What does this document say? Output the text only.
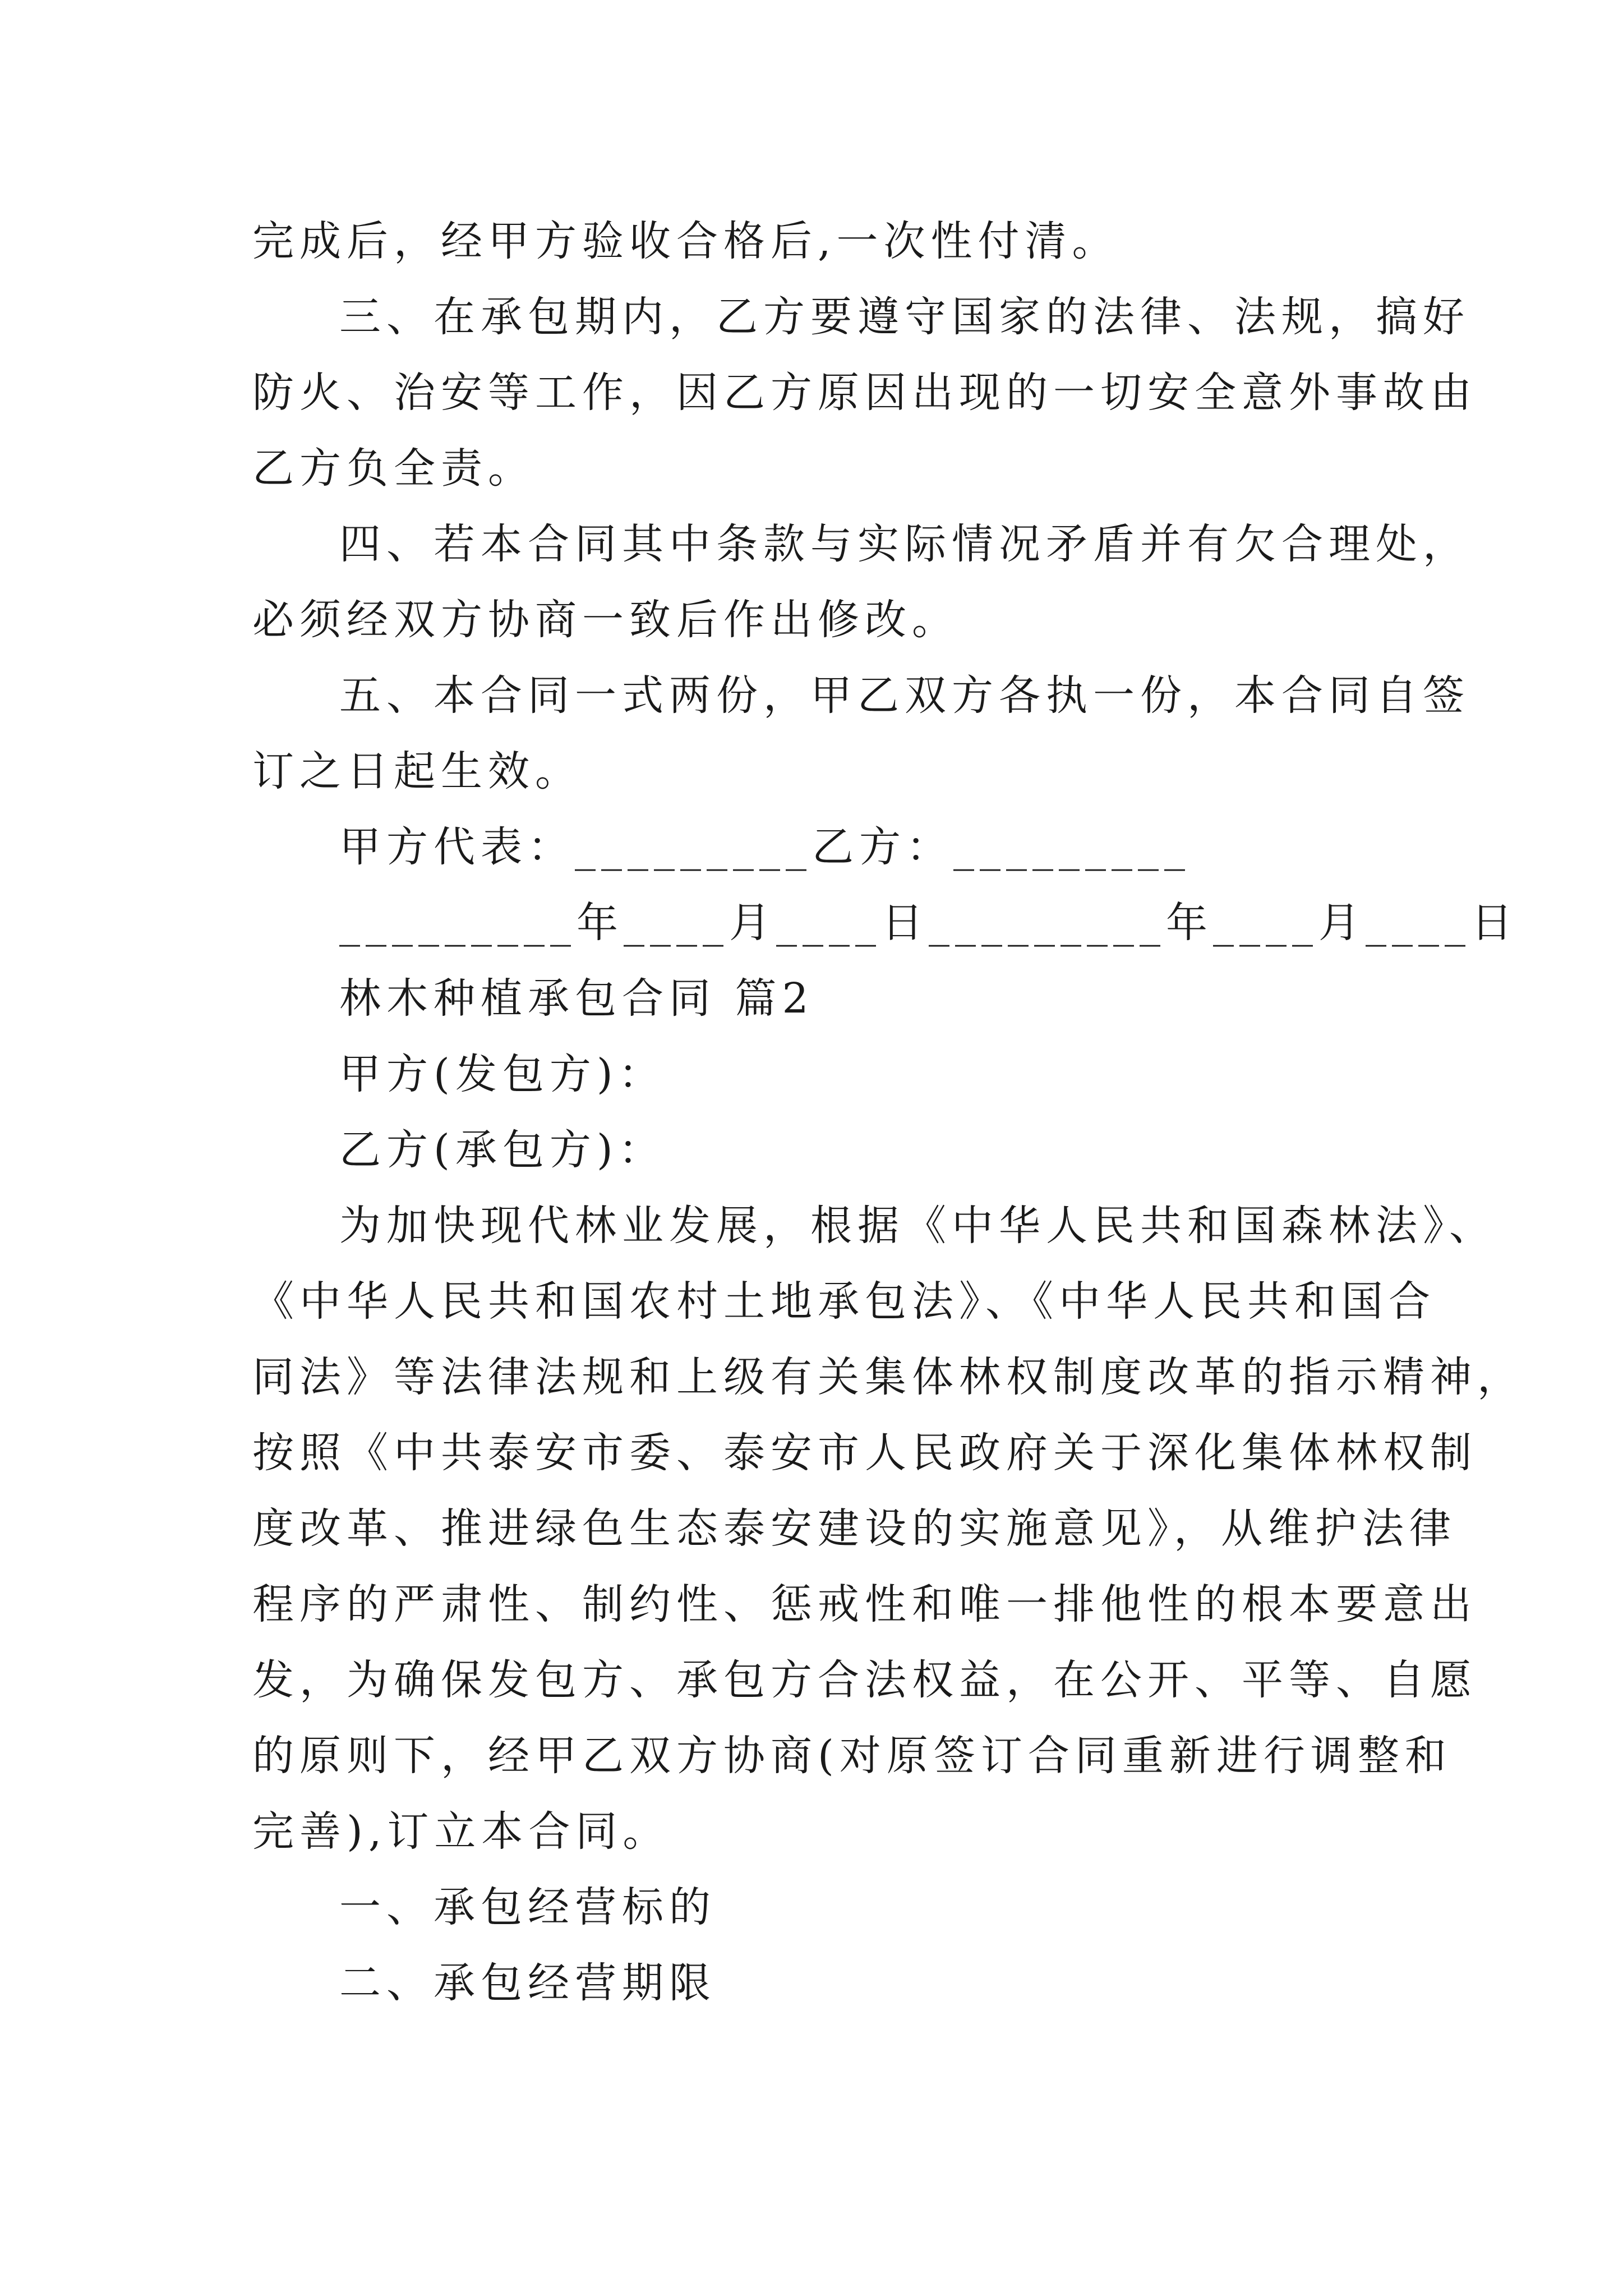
完成后，经甲方验收合格后,一次性付清。
三、在承包期内，乙方要遵守国家的法律、法规，搞好
防火、治安等工作，因乙方原因出现的一切安全意外事故由
乙方负全责。
四、若本合同其中条款与实际情况矛盾并有欠合理处，
必须经双方协商一致后作出修改。
五、本合同一式两份，甲乙双方各执一份，本合同自签
订之日起生效。
甲方代表：_________乙方：_________
_________年____月____日_________年____月____日
林木种植承包合同 篇2
甲方(发包方)：
乙方(承包方)：
为加快现代林业发展，根据《中华人民共和国森林法》、
《中华人民共和国农村土地承包法》、《中华人民共和国合
同法》等法律法规和上级有关集体林权制度改革的指示精神，
按照《中共泰安市委、泰安市人民政府关于深化集体林权制
度改革、推进绿色生态泰安建设的实施意见》，从维护法律
程序的严肃性、制约性、惩戒性和唯一排他性的根本要意出
发，为确保发包方、承包方合法权益，在公开、平等、自愿
的原则下，经甲乙双方协商(对原签订合同重新进行调整和
完善),订立本合同。
一、承包经营标的
二、承包经营期限
